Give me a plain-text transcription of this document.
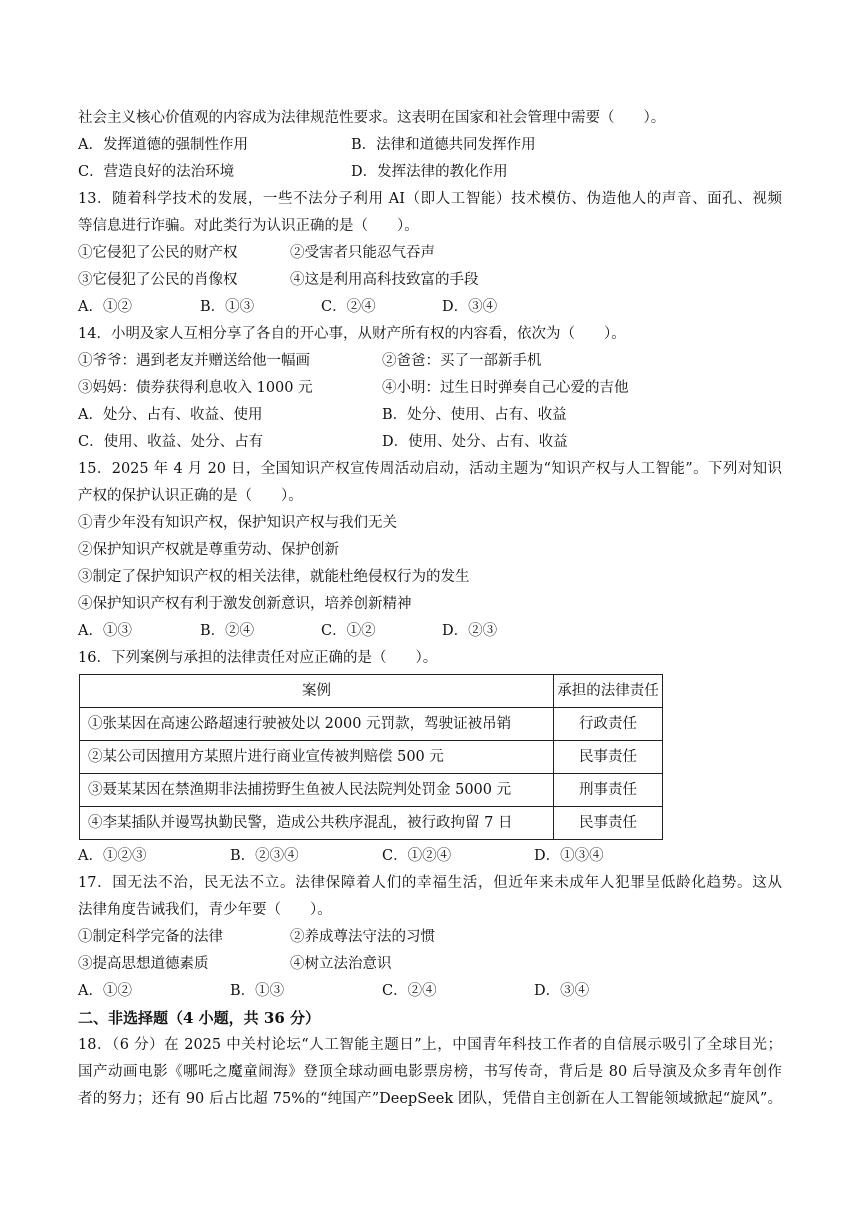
社会主义核心价值观的内容成为法律规范性要求。这表明在国家和社会管理中需要（　　）。
A．发挥道德的强制性作用	B．法律和道德共同发挥作用
C．营造良好的法治环境	D．发挥法律的教化作用
13．随着科学技术的发展，一些不法分子利用 AI（即人工智能）技术模仿、伪造他人的声音、面孔、视频
等信息进行诈骗。对此类行为认识正确的是（　　）。
①它侵犯了公民的财产权	②受害者只能忍气吞声
③它侵犯了公民的肖像权	④这是利用高科技致富的手段
A．①②	B．①③	C．②④	D．③④
14．小明及家人互相分享了各自的开心事，从财产所有权的内容看，依次为（　　）。
①爷爷：遇到老友并赠送给他一幅画	②爸爸：买了一部新手机
③妈妈：债券获得利息收入 1000 元	④小明：过生日时弹奏自己心爱的吉他
A．处分、占有、收益、使用	B．处分、使用、占有、收益
C．使用、收益、处分、占有	D．使用、处分、占有、收益
15．2025 年 4 月 20 日，全国知识产权宣传周活动启动，活动主题为“知识产权与人工智能”。下列对知识
产权的保护认识正确的是（　　）。
①青少年没有知识产权，保护知识产权与我们无关
②保护知识产权就是尊重劳动、保护创新
③制定了保护知识产权的相关法律，就能杜绝侵权行为的发生
④保护知识产权有利于激发创新意识，培养创新精神
A．①③	B．②④	C．①②	D．②③
16．下列案例与承担的法律责任对应正确的是（　　）。
案例	承担的法律责任
①张某因在高速公路超速行驶被处以 2000 元罚款，驾驶证被吊销	行政责任
②某公司因擅用方某照片进行商业宣传被判赔偿 500 元	民事责任
③聂某某因在禁渔期非法捕捞野生鱼被人民法院判处罚金 5000 元	刑事责任
④李某插队并谩骂执勤民警，造成公共秩序混乱，被行政拘留 7 日	民事责任
A．①②③	B．②③④	C．①②④	D．①③④
17．国无法不治，民无法不立。法律保障着人们的幸福生活，但近年来未成年人犯罪呈低龄化趋势。这从
法律角度告诫我们，青少年要（　　）。
①制定科学完备的法律	②养成尊法守法的习惯
③提高思想道德素质	④树立法治意识
A．①②	B．①③	C．②④	D．③④
二、非选择题（4 小题，共 36 分）
18．（6 分）在 2025 中关村论坛“人工智能主题日”上，中国青年科技工作者的自信展示吸引了全球目光；
国产动画电影《哪吒之魔童闹海》登顶全球动画电影票房榜，书写传奇，背后是 80 后导演及众多青年创作
者的努力；还有 90 后占比超 75%的“纯国产”DeepSeek 团队，凭借自主创新在人工智能领域掀起“旋风”。
